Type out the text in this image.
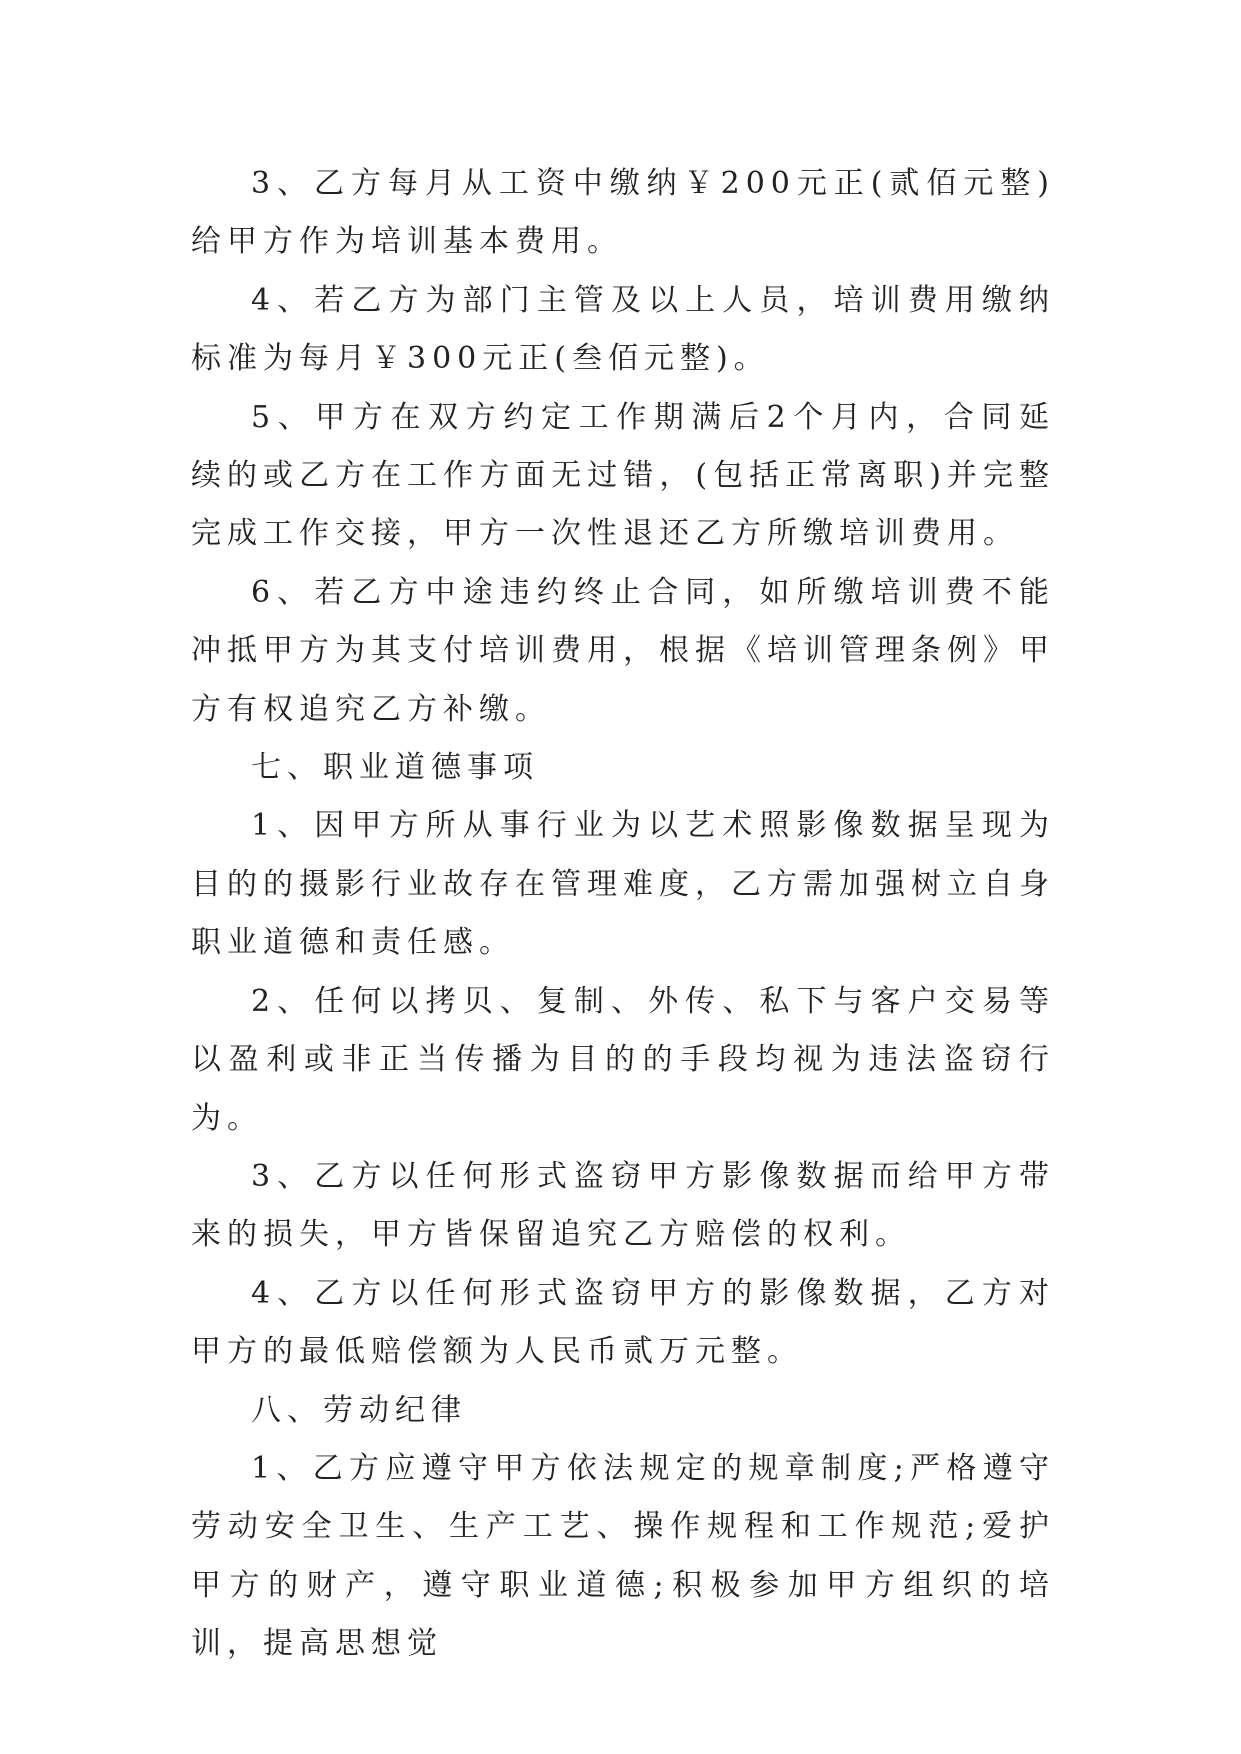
3、乙方每月从工资中缴纳￥200元正(贰佰元整)给甲方作为培训基本费用。

4、若乙方为部门主管及以上人员，培训费用缴纳标准为每月￥300元正(叁佰元整)。

5、甲方在双方约定工作期满后2个月内，合同延续的或乙方在工作方面无过错，(包括正常离职)并完整完成工作交接，甲方一次性退还乙方所缴培训费用。

6、若乙方中途违约终止合同，如所缴培训费不能冲抵甲方为其支付培训费用，根据《培训管理条例》甲方有权追究乙方补缴。

七、职业道德事项

1、因甲方所从事行业为以艺术照影像数据呈现为目的的摄影行业故存在管理难度，乙方需加强树立自身职业道德和责任感。

2、任何以拷贝、复制、外传、私下与客户交易等以盈利或非正当传播为目的的手段均视为违法盗窃行为。

3、乙方以任何形式盗窃甲方影像数据而给甲方带来的损失，甲方皆保留追究乙方赔偿的权利。

4、乙方以任何形式盗窃甲方的影像数据，乙方对甲方的最低赔偿额为人民币贰万元整。

八、劳动纪律

1、乙方应遵守甲方依法规定的规章制度;严格遵守劳动安全卫生、生产工艺、操作规程和工作规范;爱护甲方的财产，遵守职业道德;积极参加甲方组织的培训，提高思想觉
